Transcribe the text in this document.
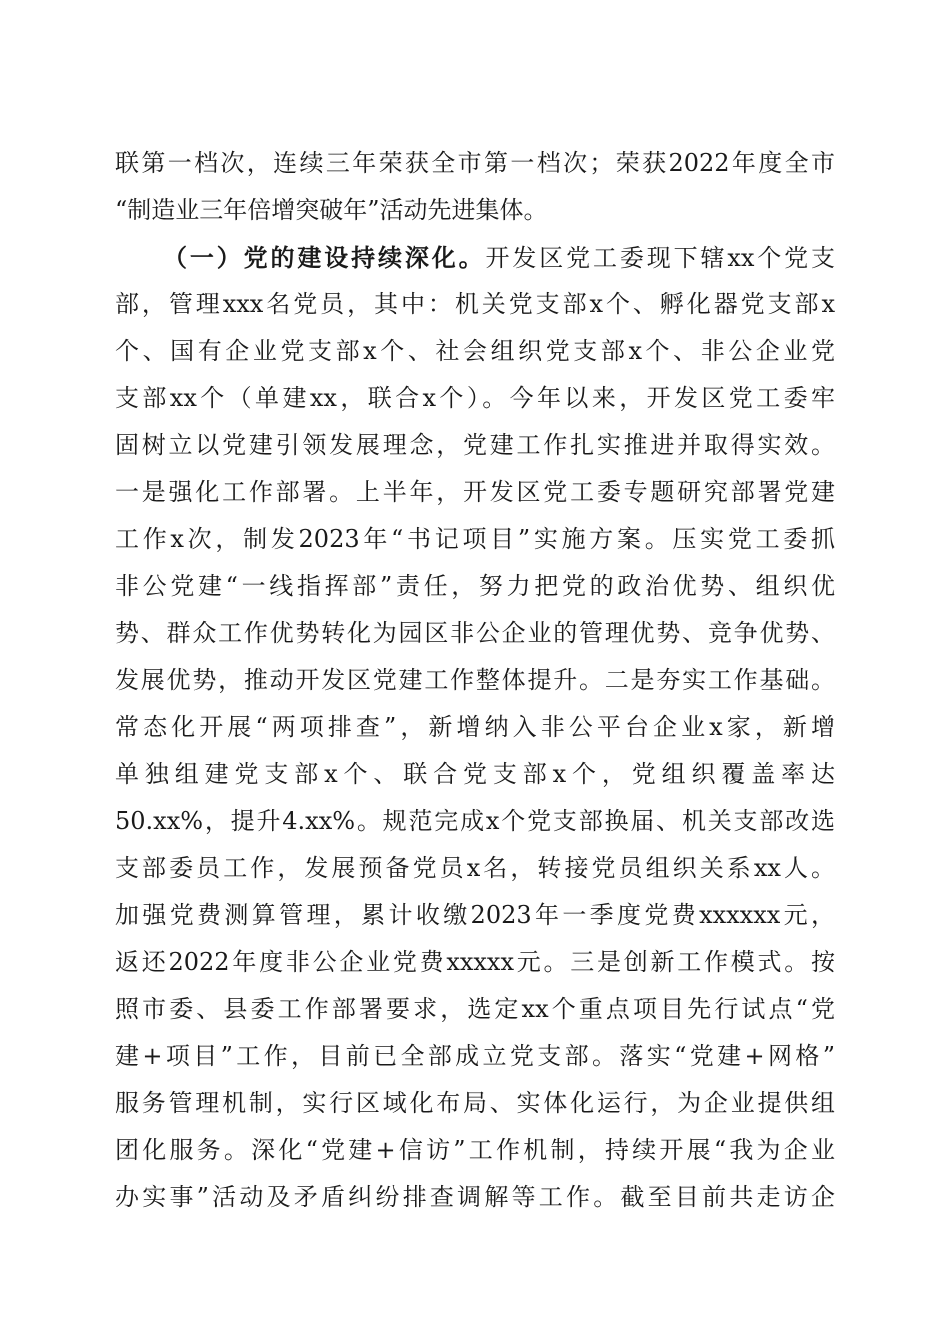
联第一档次，连续三年荣获全市第一档次；荣获2022年度全市
“制造业三年倍增突破年”活动先进集体。
（一）党的建设持续深化。开发区党工委现下辖xx个党支
部，管理xxx名党员，其中：机关党支部x个、孵化器党支部x
个、国有企业党支部x个、社会组织党支部x个、非公企业党
支部xx个（单建xx，联合x个）。今年以来，开发区党工委牢
固树立以党建引领发展理念，党建工作扎实推进并取得实效。
一是强化工作部署。上半年，开发区党工委专题研究部署党建
工作x次，制发2023年“书记项目”实施方案。压实党工委抓
非公党建“一线指挥部”责任，努力把党的政治优势、组织优
势、群众工作优势转化为园区非公企业的管理优势、竞争优势、
发展优势，推动开发区党建工作整体提升。二是夯实工作基础。
常态化开展“两项排查”，新增纳入非公平台企业x家，新增
单独组建党支部x个、联合党支部x个，党组织覆盖率达
50.xx%，提升4.xx%。规范完成x个党支部换届、机关支部改选
支部委员工作，发展预备党员x名，转接党员组织关系xx人。
加强党费测算管理，累计收缴2023年一季度党费xxxxxx元，
返还2022年度非公企业党费xxxxx元。三是创新工作模式。按
照市委、县委工作部署要求，选定xx个重点项目先行试点“党
建+项目”工作，目前已全部成立党支部。落实“党建+网格”
服务管理机制，实行区域化布局、实体化运行，为企业提供组
团化服务。深化“党建+信访”工作机制，持续开展“我为企业
办实事”活动及矛盾纠纷排查调解等工作。截至目前共走访企
